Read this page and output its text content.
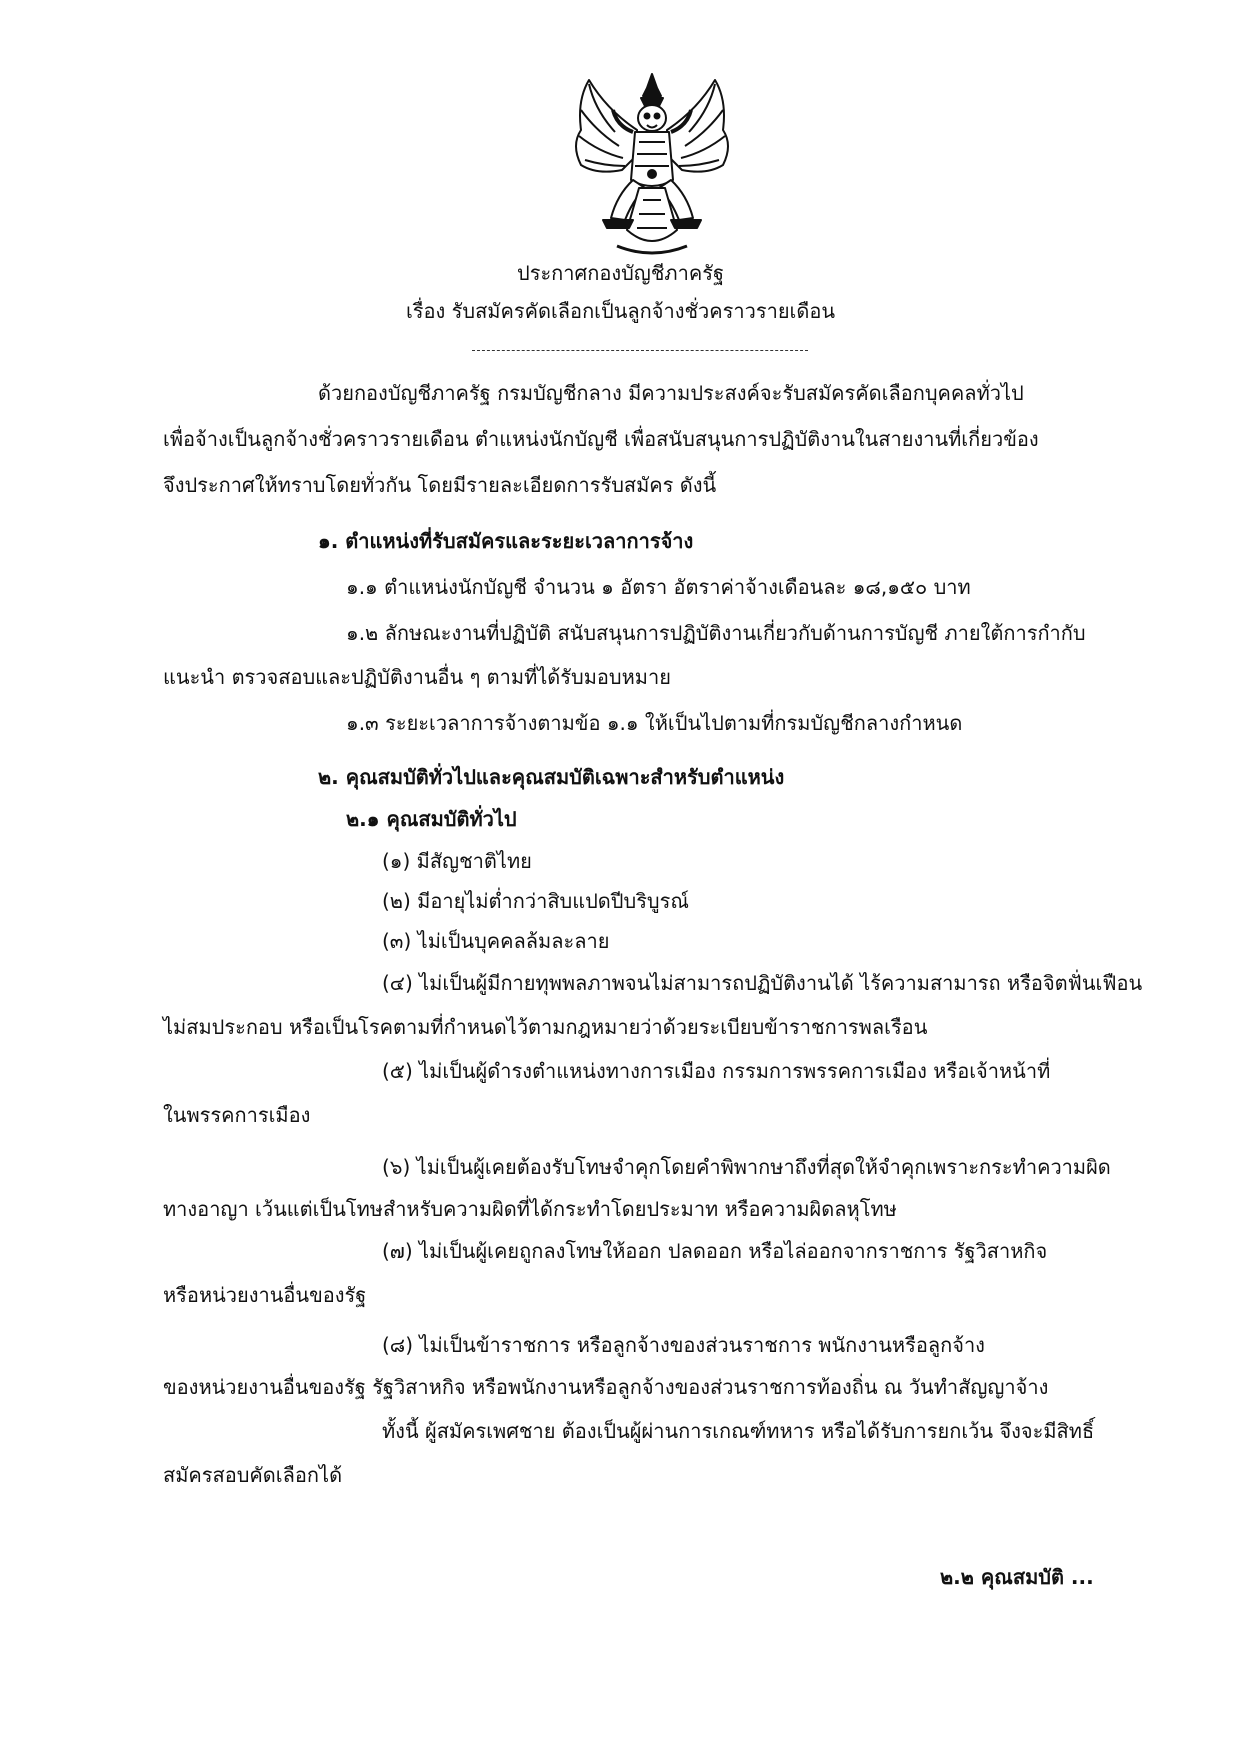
ประกาศกองบัญชีภาครัฐ

เรื่อง รับสมัครคัดเลือกเป็นลูกจ้างชั่วคราวรายเดือน

ด้วยกองบัญชีภาครัฐ กรมบัญชีกลาง มีความประสงค์จะรับสมัครคัดเลือกบุคคลทั่วไป

เพื่อจ้างเป็นลูกจ้างชั่วคราวรายเดือน ตำแหน่งนักบัญชี เพื่อสนับสนุนการปฏิบัติงานในสายงานที่เกี่ยวข้อง

จึงประกาศให้ทราบโดยทั่วกัน โดยมีรายละเอียดการรับสมัคร ดังนี้

๑. ตำแหน่งที่รับสมัครและระยะเวลาการจ้าง

๑.๑ ตำแหน่งนักบัญชี จำนวน ๑ อัตรา อัตราค่าจ้างเดือนละ ๑๘,๑๕๐ บาท

๑.๒ ลักษณะงานที่ปฏิบัติ สนับสนุนการปฏิบัติงานเกี่ยวกับด้านการบัญชี ภายใต้การกำกับ

แนะนำ ตรวจสอบและปฏิบัติงานอื่น ๆ ตามที่ได้รับมอบหมาย

๑.๓ ระยะเวลาการจ้างตามข้อ ๑.๑ ให้เป็นไปตามที่กรมบัญชีกลางกำหนด

๒. คุณสมบัติทั่วไปและคุณสมบัติเฉพาะสำหรับตำแหน่ง

๒.๑ คุณสมบัติทั่วไป

(๑) มีสัญชาติไทย

(๒) มีอายุไม่ต่ำกว่าสิบแปดปีบริบูรณ์

(๓) ไม่เป็นบุคคลล้มละลาย

(๔) ไม่เป็นผู้มีกายทุพพลภาพจนไม่สามารถปฏิบัติงานได้ ไร้ความสามารถ หรือจิตฟั่นเฟือน

ไม่สมประกอบ หรือเป็นโรคตามที่กำหนดไว้ตามกฎหมายว่าด้วยระเบียบข้าราชการพลเรือน

(๕) ไม่เป็นผู้ดำรงตำแหน่งทางการเมือง กรรมการพรรคการเมือง หรือเจ้าหน้าที่

ในพรรคการเมือง

(๖) ไม่เป็นผู้เคยต้องรับโทษจำคุกโดยคำพิพากษาถึงที่สุดให้จำคุกเพราะกระทำความผิด

ทางอาญา เว้นแต่เป็นโทษสำหรับความผิดที่ได้กระทำโดยประมาท หรือความผิดลหุโทษ

(๗) ไม่เป็นผู้เคยถูกลงโทษให้ออก ปลดออก หรือไล่ออกจากราชการ รัฐวิสาหกิจ

หรือหน่วยงานอื่นของรัฐ

(๘) ไม่เป็นข้าราชการ หรือลูกจ้างของส่วนราชการ พนักงานหรือลูกจ้าง

ของหน่วยงานอื่นของรัฐ รัฐวิสาหกิจ หรือพนักงานหรือลูกจ้างของส่วนราชการท้องถิ่น ณ วันทำสัญญาจ้าง

ทั้งนี้ ผู้สมัครเพศชาย ต้องเป็นผู้ผ่านการเกณฑ์ทหาร หรือได้รับการยกเว้น จึงจะมีสิทธิ์

สมัครสอบคัดเลือกได้

๒.๒ คุณสมบัติ ...
